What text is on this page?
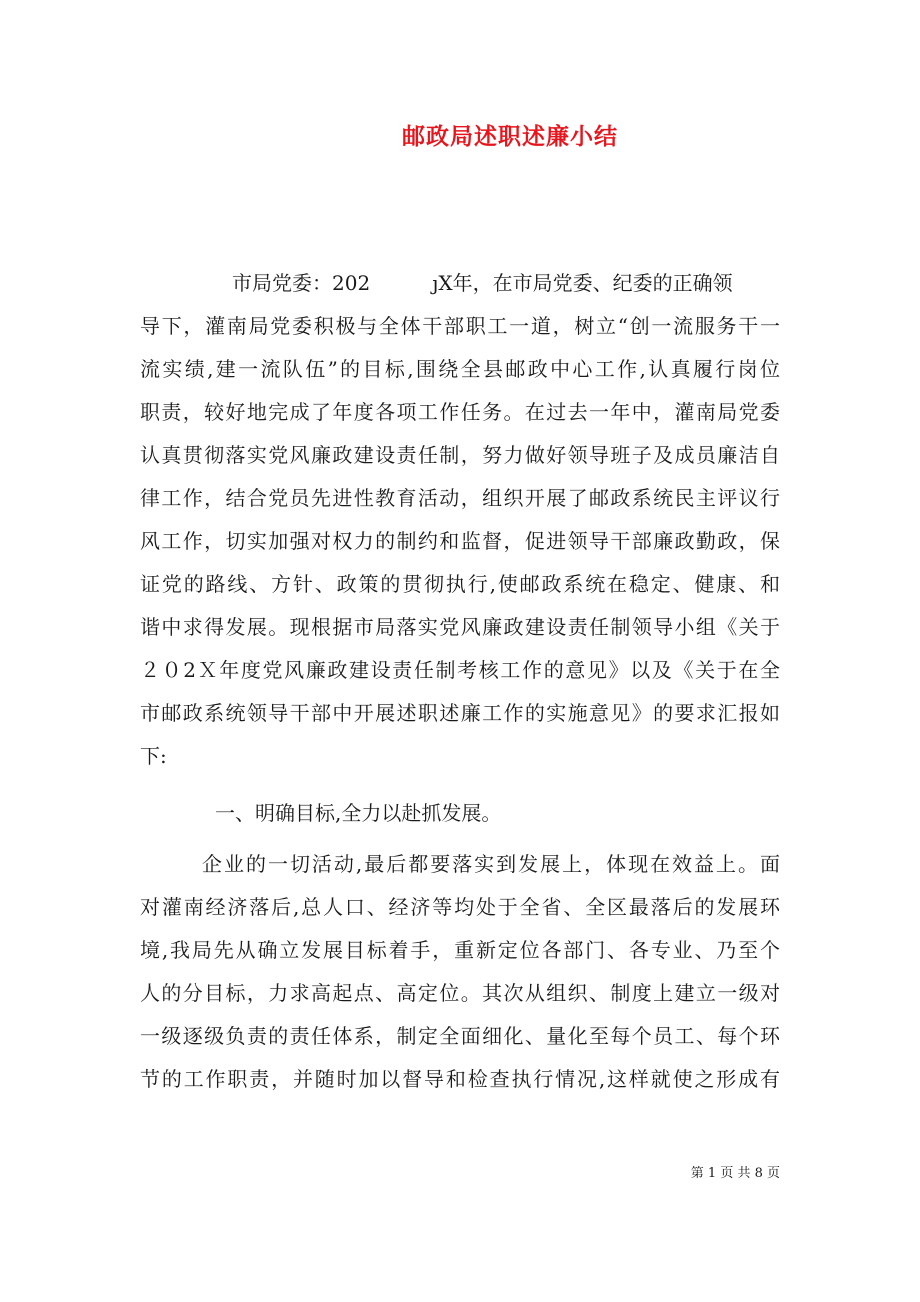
邮政局述职述廉小结
市局党委：202	ȷX年，在市局党委、纪委的正确领
导下，灌南局党委积极与全体干部职工一道，树立“创一流服务干一
流实绩,建一流队伍”的目标,围绕全县邮政中心工作,认真履行岗位
职责，较好地完成了年度各项工作任务。在过去一年中，灌南局党委
认真贯彻落实党风廉政建设责任制，努力做好领导班子及成员廉洁自
律工作，结合党员先进性教育活动，组织开展了邮政系统民主评议行
风工作，切实加强对权力的制约和监督，促进领导干部廉政勤政，保
证党的路线、方针、政策的贯彻执行,使邮政系统在稳定、健康、和
谐中求得发展。现根据市局落实党风廉政建设责任制领导小组《关于
２０2Ｘ年度党风廉政建设责任制考核工作的意见》以及《关于在全
市邮政系统领导干部中开展述职述廉工作的实施意见》的要求汇报如
下:
一、明确目标,全力以赴抓发展。
企业的一切活动,最后都要落实到发展上，体现在效益上。面
对灌南经济落后,总人口、经济等均处于全省、全区最落后的发展环
境,我局先从确立发展目标着手，重新定位各部门、各专业、乃至个
人的分目标，力求高起点、高定位。其次从组织、制度上建立一级对
一级逐级负责的责任体系，制定全面细化、量化至每个员工、每个环
节的工作职责，并随时加以督导和检查执行情况,这样就使之形成有
第 1 页 共 8 页
